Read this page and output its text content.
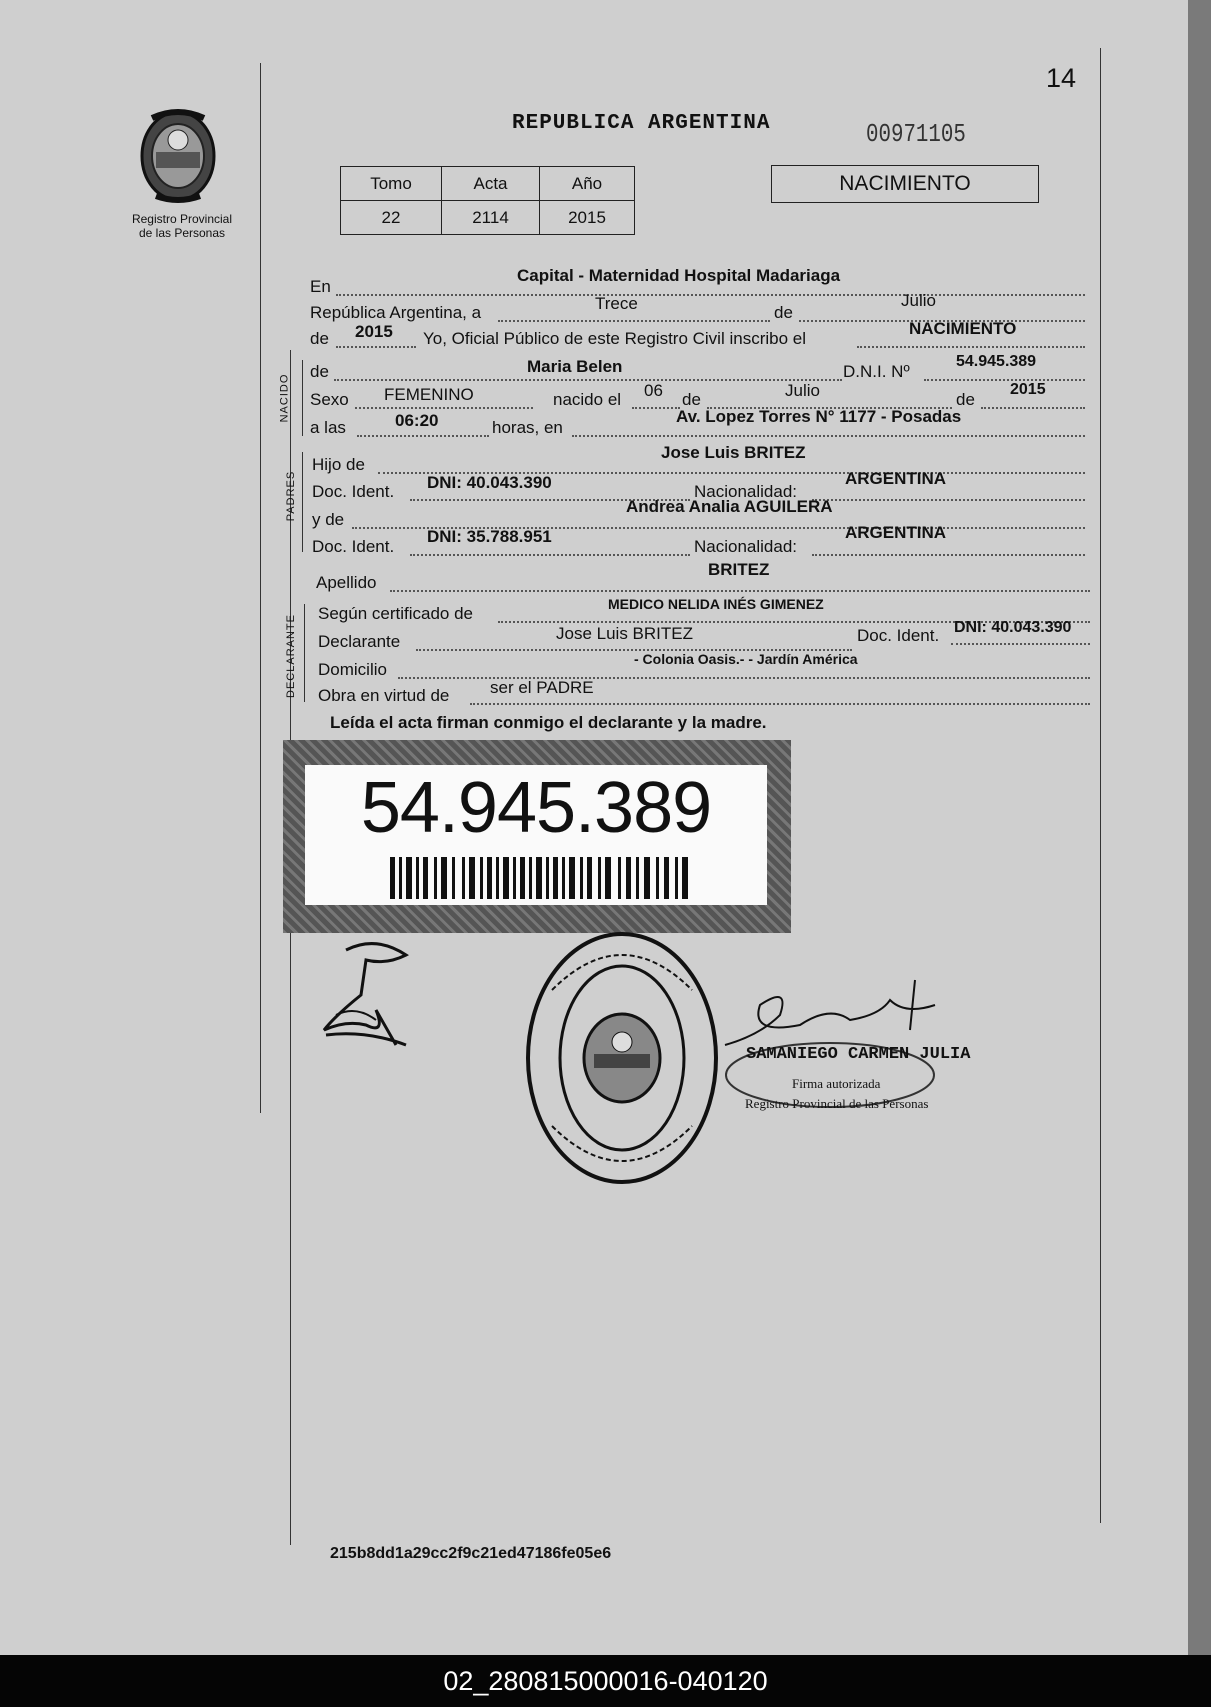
Registro Provincial
de las Personas
14
REPUBLICA ARGENTINA	00971105
Tomo	Acta	Año
22	2114	2015
NACIMIENTO
En
Capital - Maternidad Hospital Madariaga
República Argentina, a	Trece	de
Julio
de 2015 Yo, Oficial Público de este Registro Civil inscribo el
NACIMIENTO
NACIDO
de	Maria Belen	D.N.I. Nº
54.945.389
Sexo FEMENINO	nacido el 06 de	Julio	de
2015
a las	06:20	horas, en
Av. Lopez Torres N° 1177 - Posadas
PADRES
Hijo de
Jose Luis BRITEZ
Doc. Ident. DNI: 40.043.390	Nacionalidad:
ARGENTINA
y de
Andrea Analia AGUILERA
Doc. Ident.
DNI: 35.788.951
Nacionalidad:
ARGENTINA
Apellido
BRITEZ
DECLARANTE
Según certificado de	MEDICO NELIDA INÉS GIMENEZ
Declarante	Jose Luis BRITEZ	Doc. Ident. DNI: 40.043.390
Domicilio
- Colonia Oasis.- - Jardín América
Obra en virtud de ser el PADRE
Leída el acta firman conmigo el declarante y la madre.
54.945.389
SAMANIEGO CARMEN JULIA
Firma autorizada
Registro Provincial de las Personas
215b8dd1a29cc2f9c21ed47186fe05e6
02_280815000016-040120
